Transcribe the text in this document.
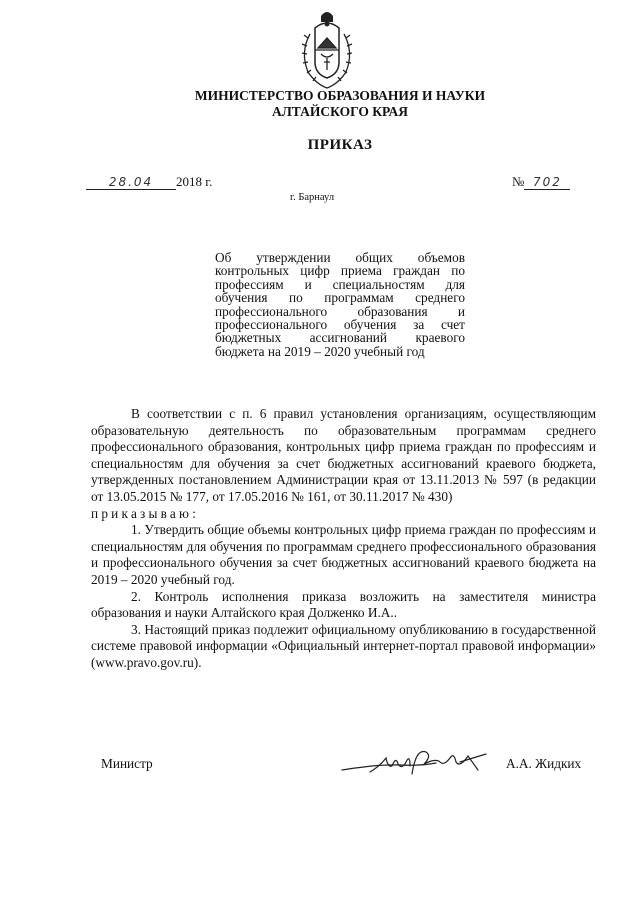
МИНИСТЕРСТВО ОБРАЗОВАНИЯ И НАУКИ
АЛТАЙСКОГО КРАЯ
ПРИКАЗ
28.04 2018 г.	№ 702
г. Барнаул
Об утверждении общих объемов контрольных цифр приема граждан по профессиям и специальностям для обучения по программам среднего профессионального образования и профессионального обучения за счет бюджетных ассигнований краевого бюджета на 2019 – 2020 учебный год

В соответствии с п. 6 правил установления организациям, осуществляющим образовательную деятельность по образовательным программам среднего профессионального образования, контрольных цифр приема граждан по профессиям и специальностям для обучения за счет бюджетных ассигнований краевого бюджета, утвержденных постановлением Администрации края от 13.11.2013 № 597 (в редакции от 13.05.2015 № 177, от 17.05.2016 № 161, от 30.11.2017 № 430)

приказываю:

1. Утвердить общие объемы контрольных цифр приема граждан по профессиям и специальностям для обучения по программам среднего профессионального образования и профессионального обучения за счет бюджетных ассигнований краевого бюджета на 2019 – 2020 учебный год.

2. Контроль исполнения приказа возложить на заместителя министра образования и науки Алтайского края Долженко И.А..

3. Настоящий приказ подлежит официальному опубликованию в государственной системе правовой информации «Официальный интернет-портал правовой информации» (www.pravo.gov.ru).

Министр	А.А. Жидких
